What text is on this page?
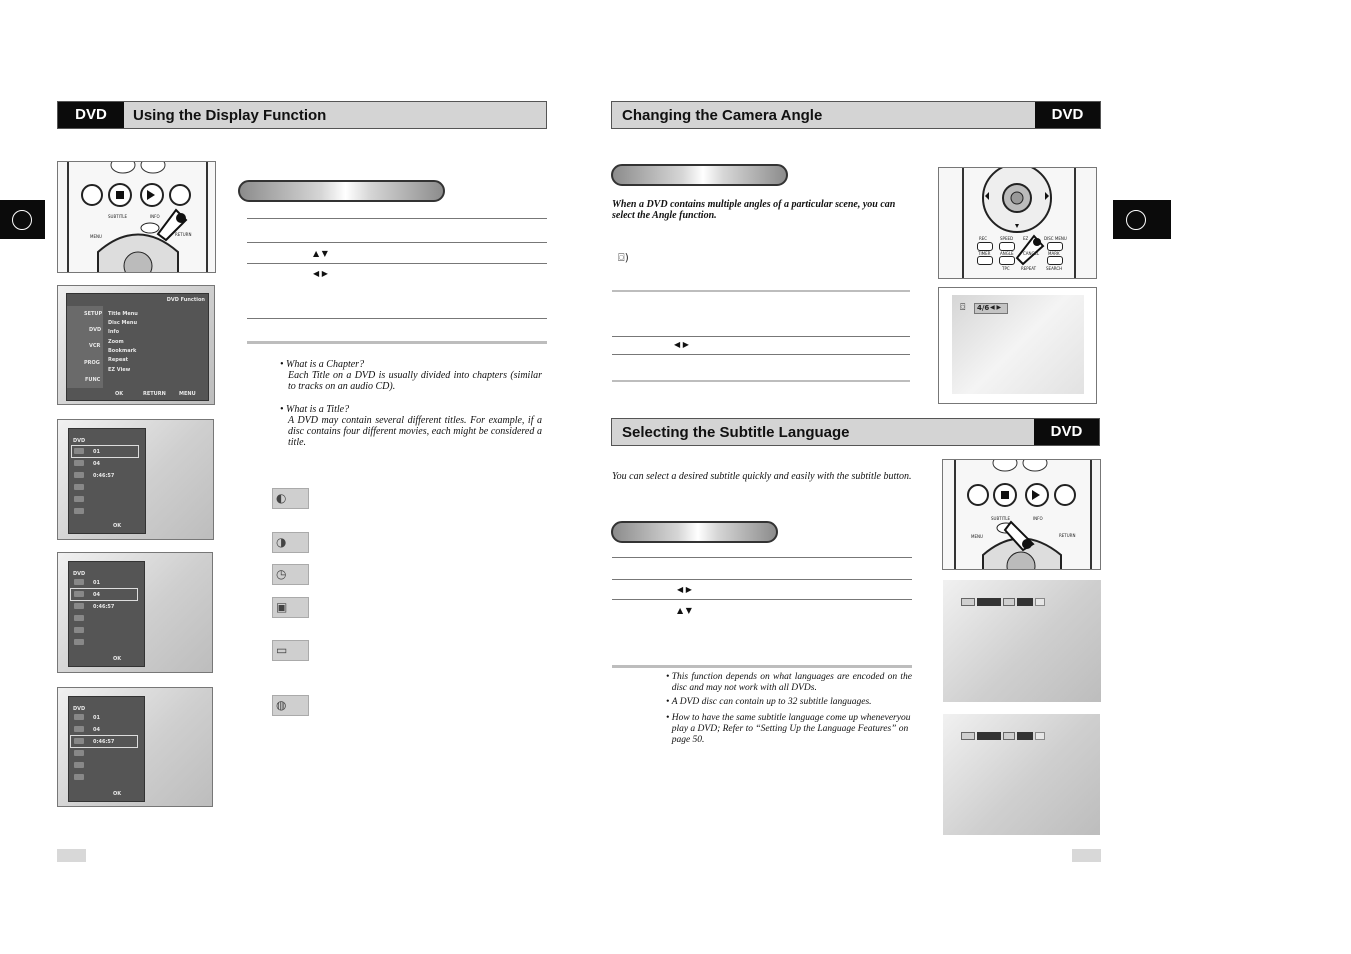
DVD	Using the Display Function
SUBTITLE	INFO
RETURN
MENU
DVD Function
SETUP
DVD
VCR
PROG
FUNC
Title Menu
Disc Menu
Info
Zoom
Bookmark
Repeat
EZ View
OK	RETURN	MENU
DVD
01
04
0:46:57
OK
DVD
01
04
0:46:57
OK
DVD
01
04
0:46:57
OK
▲ ▼
◀ ▶
• What is a Chapter?
Each Title on a DVD is usually divided into chapters (similar to tracks on an audio CD).
• What is a Title?
A DVD may contain several different titles. For example, if a disc contains four different movies, each might be considered a title.
◐
◑
◷
▣
▭
◍
Changing the Camera Angle	DVD
When a DVD contains multiple angles of a particular scene, you can select the Angle function.
⌼)
◀ ▶
REC	SPEED EZ	DISC MENU
TIMER ANGLE CANCEL MARK
TPC	REPEAT SEARCH
⌼ 4/6 ◀ ▶
Selecting the Subtitle Language	DVD
You can select a desired subtitle quickly and easily with the subtitle button.
◀ ▶
▲ ▼
• This function depends on what languages are encoded on the disc and may not work with all DVDs.
• A DVD disc can contain up to 32 subtitle languages.
• How to have the same subtitle language come up wheneveryou play a DVD; Refer to “Setting Up the Language Features” on page 50.
SUBTITLE	INFO
RETURN
MENU
